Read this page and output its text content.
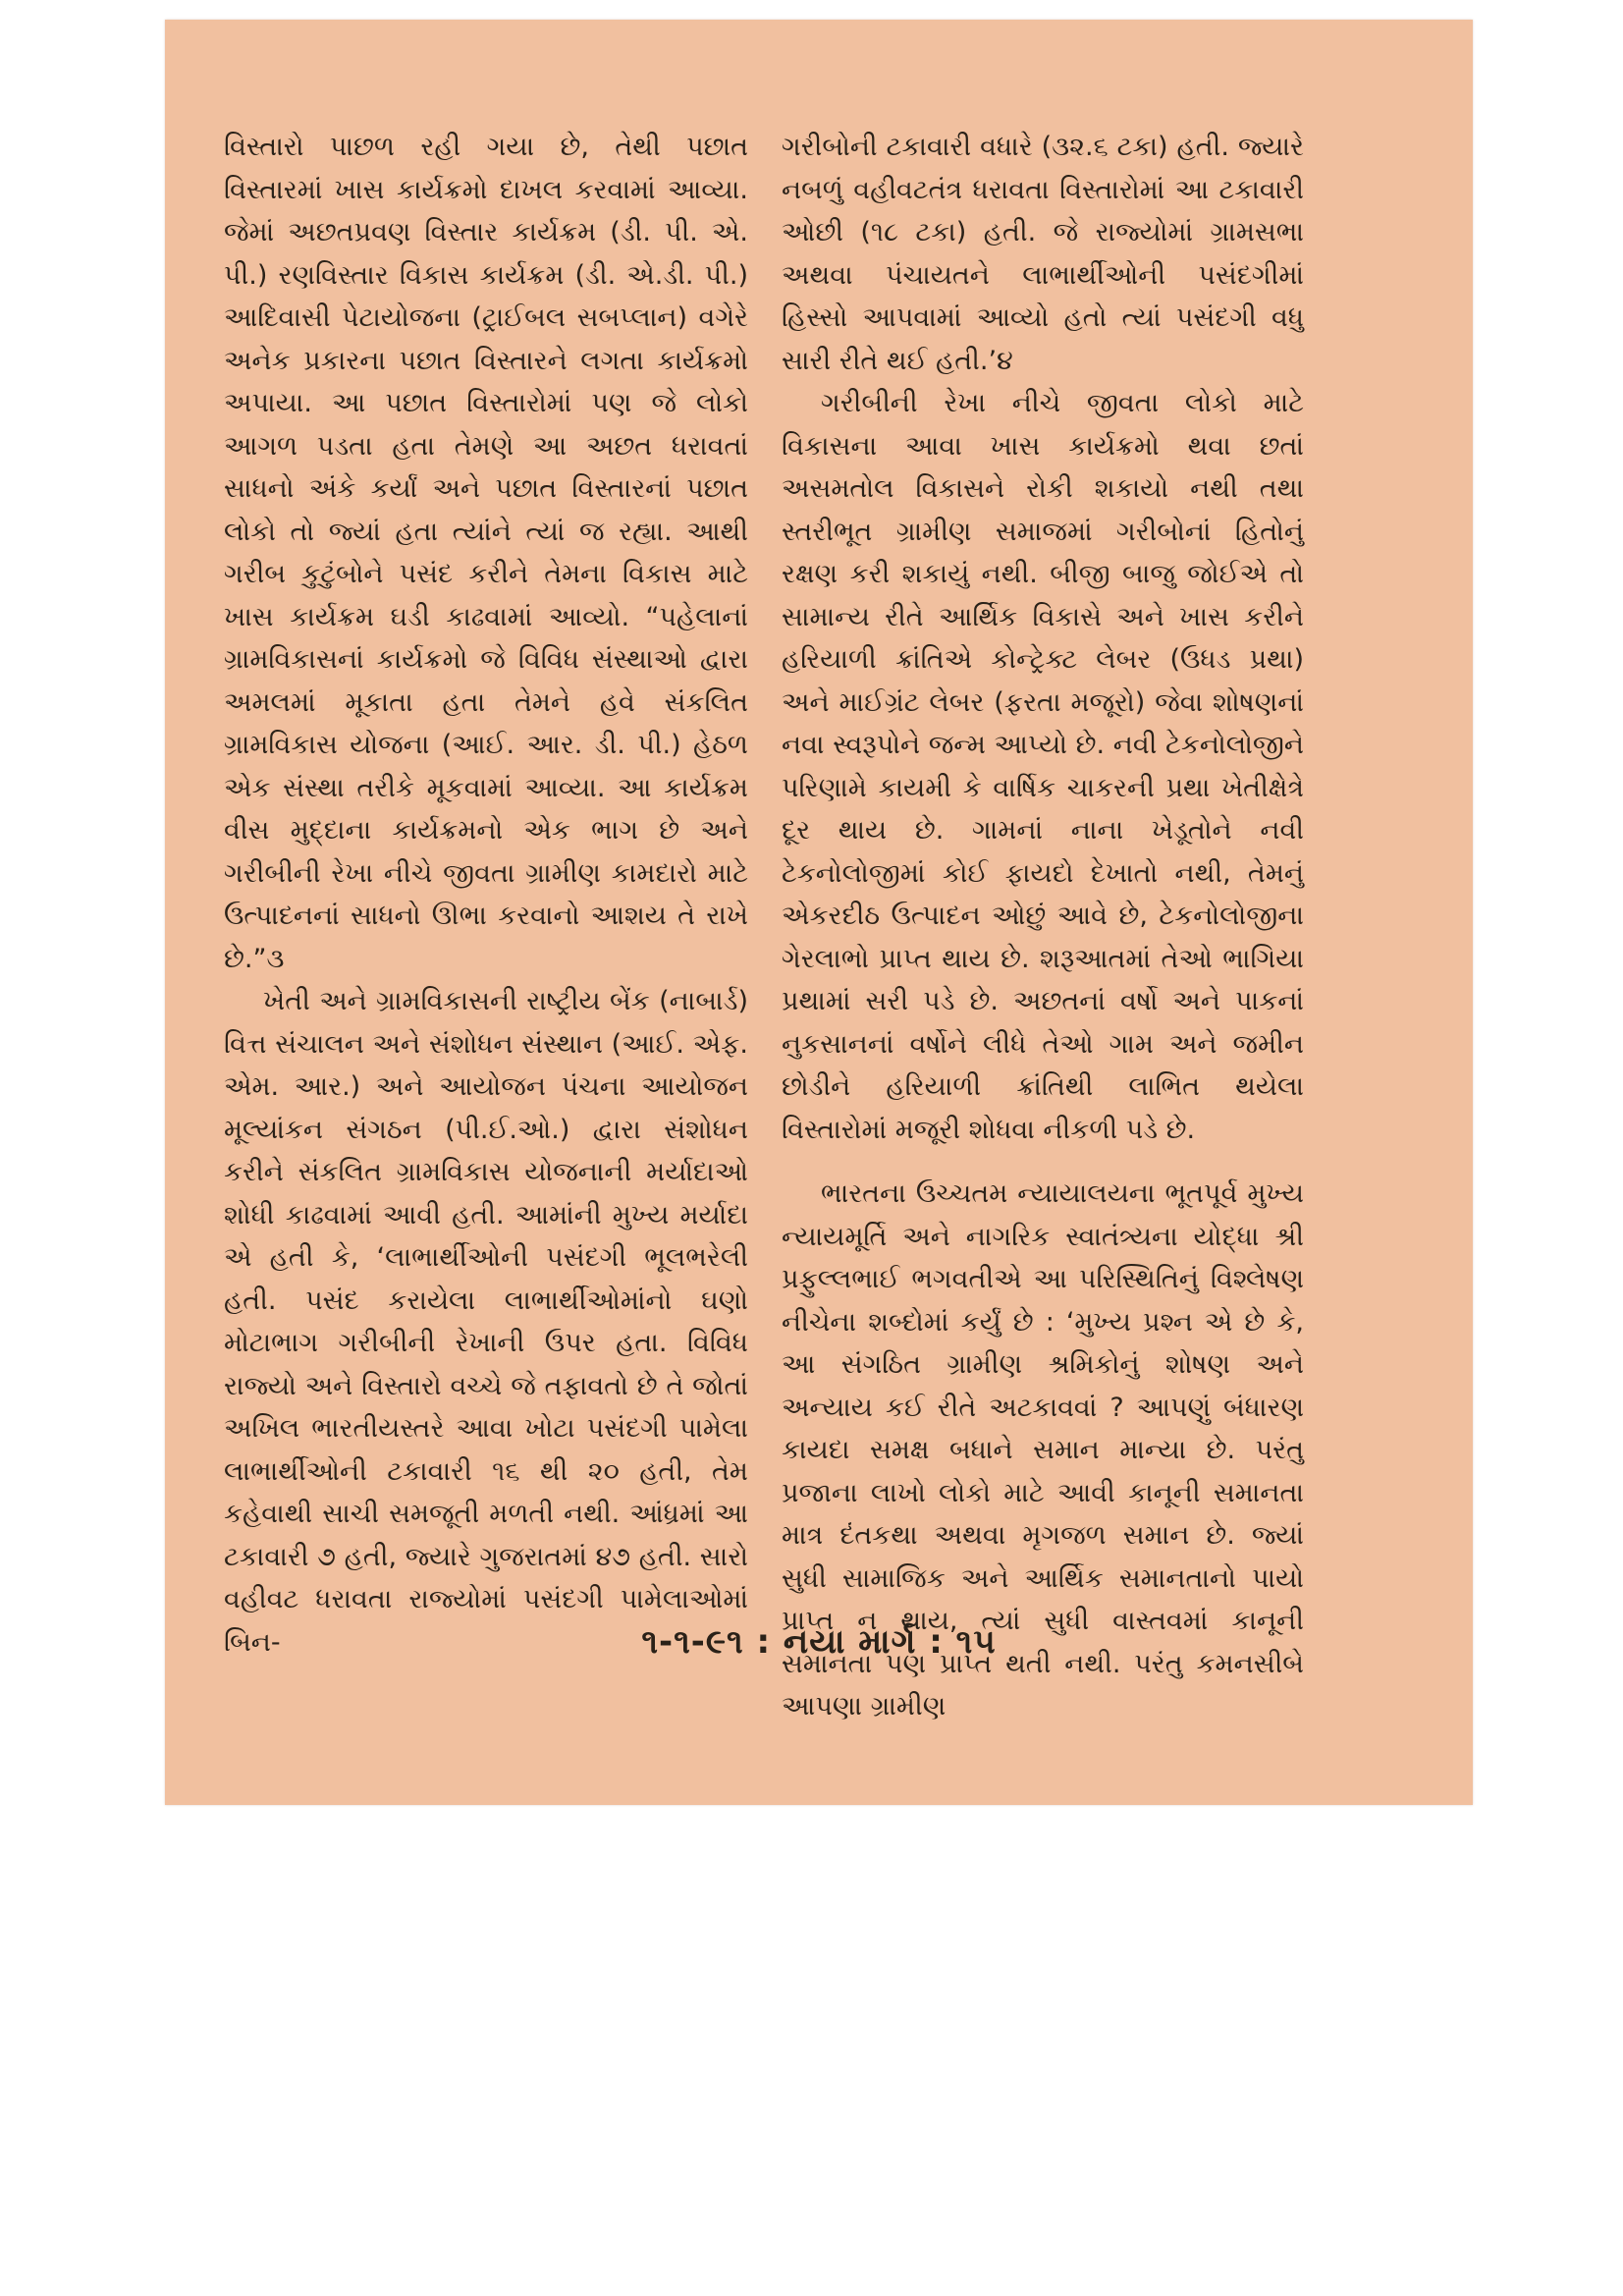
વિસ્તારો પાછળ રહી ગયા છે, તેથી પછાત વિસ્તારમાં ખાસ કાર્યક્રમો દાખલ કરવામાં આવ્યા. જેમાં અછતપ્રવણ વિસ્તાર કાર્યક્રમ (ડી. પી. એ. પી.) રણવિસ્તાર વિકાસ કાર્યક્રમ (ડી. એ.ડી. પી.) આદિવાસી પેટાયોજના (ટ્રાઈબલ સબપ્લાન) વગેરે અનેક પ્રકારના પછાત વિસ્તારને લગતા કાર્યક્રમો અપાયા. આ પછાત વિસ્તારોમાં પણ જે લોકો આગળ પડતા હતા તેમણે આ અછત ધરાવતાં સાધનો અંકે કર્યાં અને પછાત વિસ્તારનાં પછાત લોકો તો જ્યાં હતા ત્યાંને ત્યાં જ રહ્યા. આથી ગરીબ કુટુંબોને પસંદ કરીને તેમના વિકાસ માટે ખાસ કાર્યક્રમ ઘડી કાઢવામાં આવ્યો. “પહેલાનાં ગ્રામવિકાસનાં કાર્યક્રમો જે વિવિધ સંસ્થાઓ દ્વારા અમલમાં મૂકાતા હતા તેમને હવે સંકલિત ગ્રામવિકાસ યોજના (આઈ. આર. ડી. પી.) હેઠળ એક સંસ્થા તરીકે મૂકવામાં આવ્યા. આ કાર્યક્રમ વીસ મુદ્દાના કાર્યક્રમનો એક ભાગ છે અને ગરીબીની રેખા નીચે જીવતા ગ્રામીણ કામદારો માટે ઉત્પાદનનાં સાધનો ઊભા કરવાનો આશય તે રાખે છે.”૩

ખેતી અને ગ્રામવિકાસની રાષ્ટ્રીય બેંક (નાબાર્ડ) વિત્ત સંચાલન અને સંશોધન સંસ્થાન (આઈ. એફ. એમ. આર.) અને આયોજન પંચના આયોજન મૂલ્યાંકન સંગઠન (પી.ઈ.ઓ.) દ્વારા સંશોધન કરીને સંકલિત ગ્રામવિકાસ યોજનાની મર્યાદાઓ શોધી કાઢવામાં આવી હતી. આમાંની મુખ્ય મર્યાદા એ હતી કે, ‘લાભાર્થીઓની પસંદગી ભૂલભરેલી હતી. પસંદ કરાયેલા લાભાર્થીઓમાંનો ઘણો મોટાભાગ ગરીબીની રેખાની ઉપર હતા. વિવિધ રાજ્યો અને વિસ્તારો વચ્ચે જે તફાવતો છે તે જોતાં અખિલ ભારતીયસ્તરે આવા ખોટા પસંદગી પામેલા લાભાર્થીઓની ટકાવારી ૧૬ થી ૨૦ હતી, તેમ કહેવાથી સાચી સમજૂતી મળતી નથી. આંધ્રમાં આ ટકાવારી ૭ હતી, જ્યારે ગુજરાતમાં ૪૭ હતી. સારો વહીવટ ધરાવતા રાજ્યોમાં પસંદગી પામેલાઓમાં બિન-

ગરીબોની ટકાવારી વધારે (૩૨.૬ ટકા) હતી. જ્યારે નબળું વહીવટતંત્ર ધરાવતા વિસ્તારોમાં આ ટકાવારી ઓછી (૧૮ ટકા) હતી. જે રાજ્યોમાં ગ્રામસભા અથવા પંચાયતને લાભાર્થીઓની પસંદગીમાં હિસ્સો આપવામાં આવ્યો હતો ત્યાં પસંદગી વધુ સારી રીતે થઈ હતી.’૪

ગરીબીની રેખા નીચે જીવતા લોકો માટે વિકાસના આવા ખાસ કાર્યક્રમો થવા છતાં અસમતોલ વિકાસને રોકી શકાયો નથી તથા સ્તરીભૂત ગ્રામીણ સમાજમાં ગરીબોનાં હિતોનું રક્ષણ કરી શકાયું નથી. બીજી બાજુ જોઈએ તો સામાન્ય રીતે આર્થિક વિકાસે અને ખાસ કરીને હરિયાળી ક્રાંતિએ કોન્ટ્રેક્ટ લેબર (ઉધડ પ્રથા) અને માઈગ્રંટ લેબર (ફરતા મજૂરો) જેવા શોષણનાં નવા સ્વરૂપોને જન્મ આપ્યો છે. નવી ટેકનોલોજીને પરિણામે કાયમી કે વાર્ષિક ચાકરની પ્રથા ખેતીક્ષેત્રે દૂર થાય છે. ગામનાં નાના ખેડૂતોને નવી ટેકનોલોજીમાં કોઈ ફાયદો દેખાતો નથી, તેમનું એકરદીઠ ઉત્પાદન ઓછું આવે છે, ટેકનોલોજીના ગેરલાભો પ્રાપ્ત થાય છે. શરૂઆતમાં તેઓ ભાગિયા પ્રથામાં સરી પડે છે. અછતનાં વર્ષો અને પાકનાં નુકસાનનાં વર્ષોને લીધે તેઓ ગામ અને જમીન છોડીને હરિયાળી ક્રાંતિથી લાભિત થયેલા વિસ્તારોમાં મજૂરી શોધવા નીકળી પડે છે.

ભારતના ઉચ્ચતમ ન્યાયાલયના ભૂતપૂર્વ મુખ્ય ન્યાયમૂર્તિ અને નાગરિક સ્વાતંત્ર્યના યોદ્ધા શ્રી પ્રફુલ્લભાઈ ભગવતીએ આ પરિસ્થિતિનું વિશ્લેષણ નીચેના શબ્દોમાં કર્યું છે : ‘મુખ્ય પ્રશ્ન એ છે કે, આ સંગઠિત ગ્રામીણ શ્રમિકોનું શોષણ અને અન્યાય કઈ રીતે અટકાવવાં ? આપણું બંધારણ કાયદા સમક્ષ બધાને સમાન માન્યા છે. પરંતુ પ્રજાના લાખો લોકો માટે આવી કાનૂની સમાનતા માત્ર દંતકથા અથવા મૃગજળ સમાન છે. જ્યાં સુધી સામાજિક અને આર્થિક સમાનતાનો પાયો પ્રાપ્ત ન થાય, ત્યાં સુધી વાસ્તવમાં કાનૂની સમાનતા પણ પ્રાપ્ત થતી નથી. પરંતુ કમનસીબે આપણા ગ્રામીણ

૧-૧-૯૧ : નયા માર્ગ : ૧૫
